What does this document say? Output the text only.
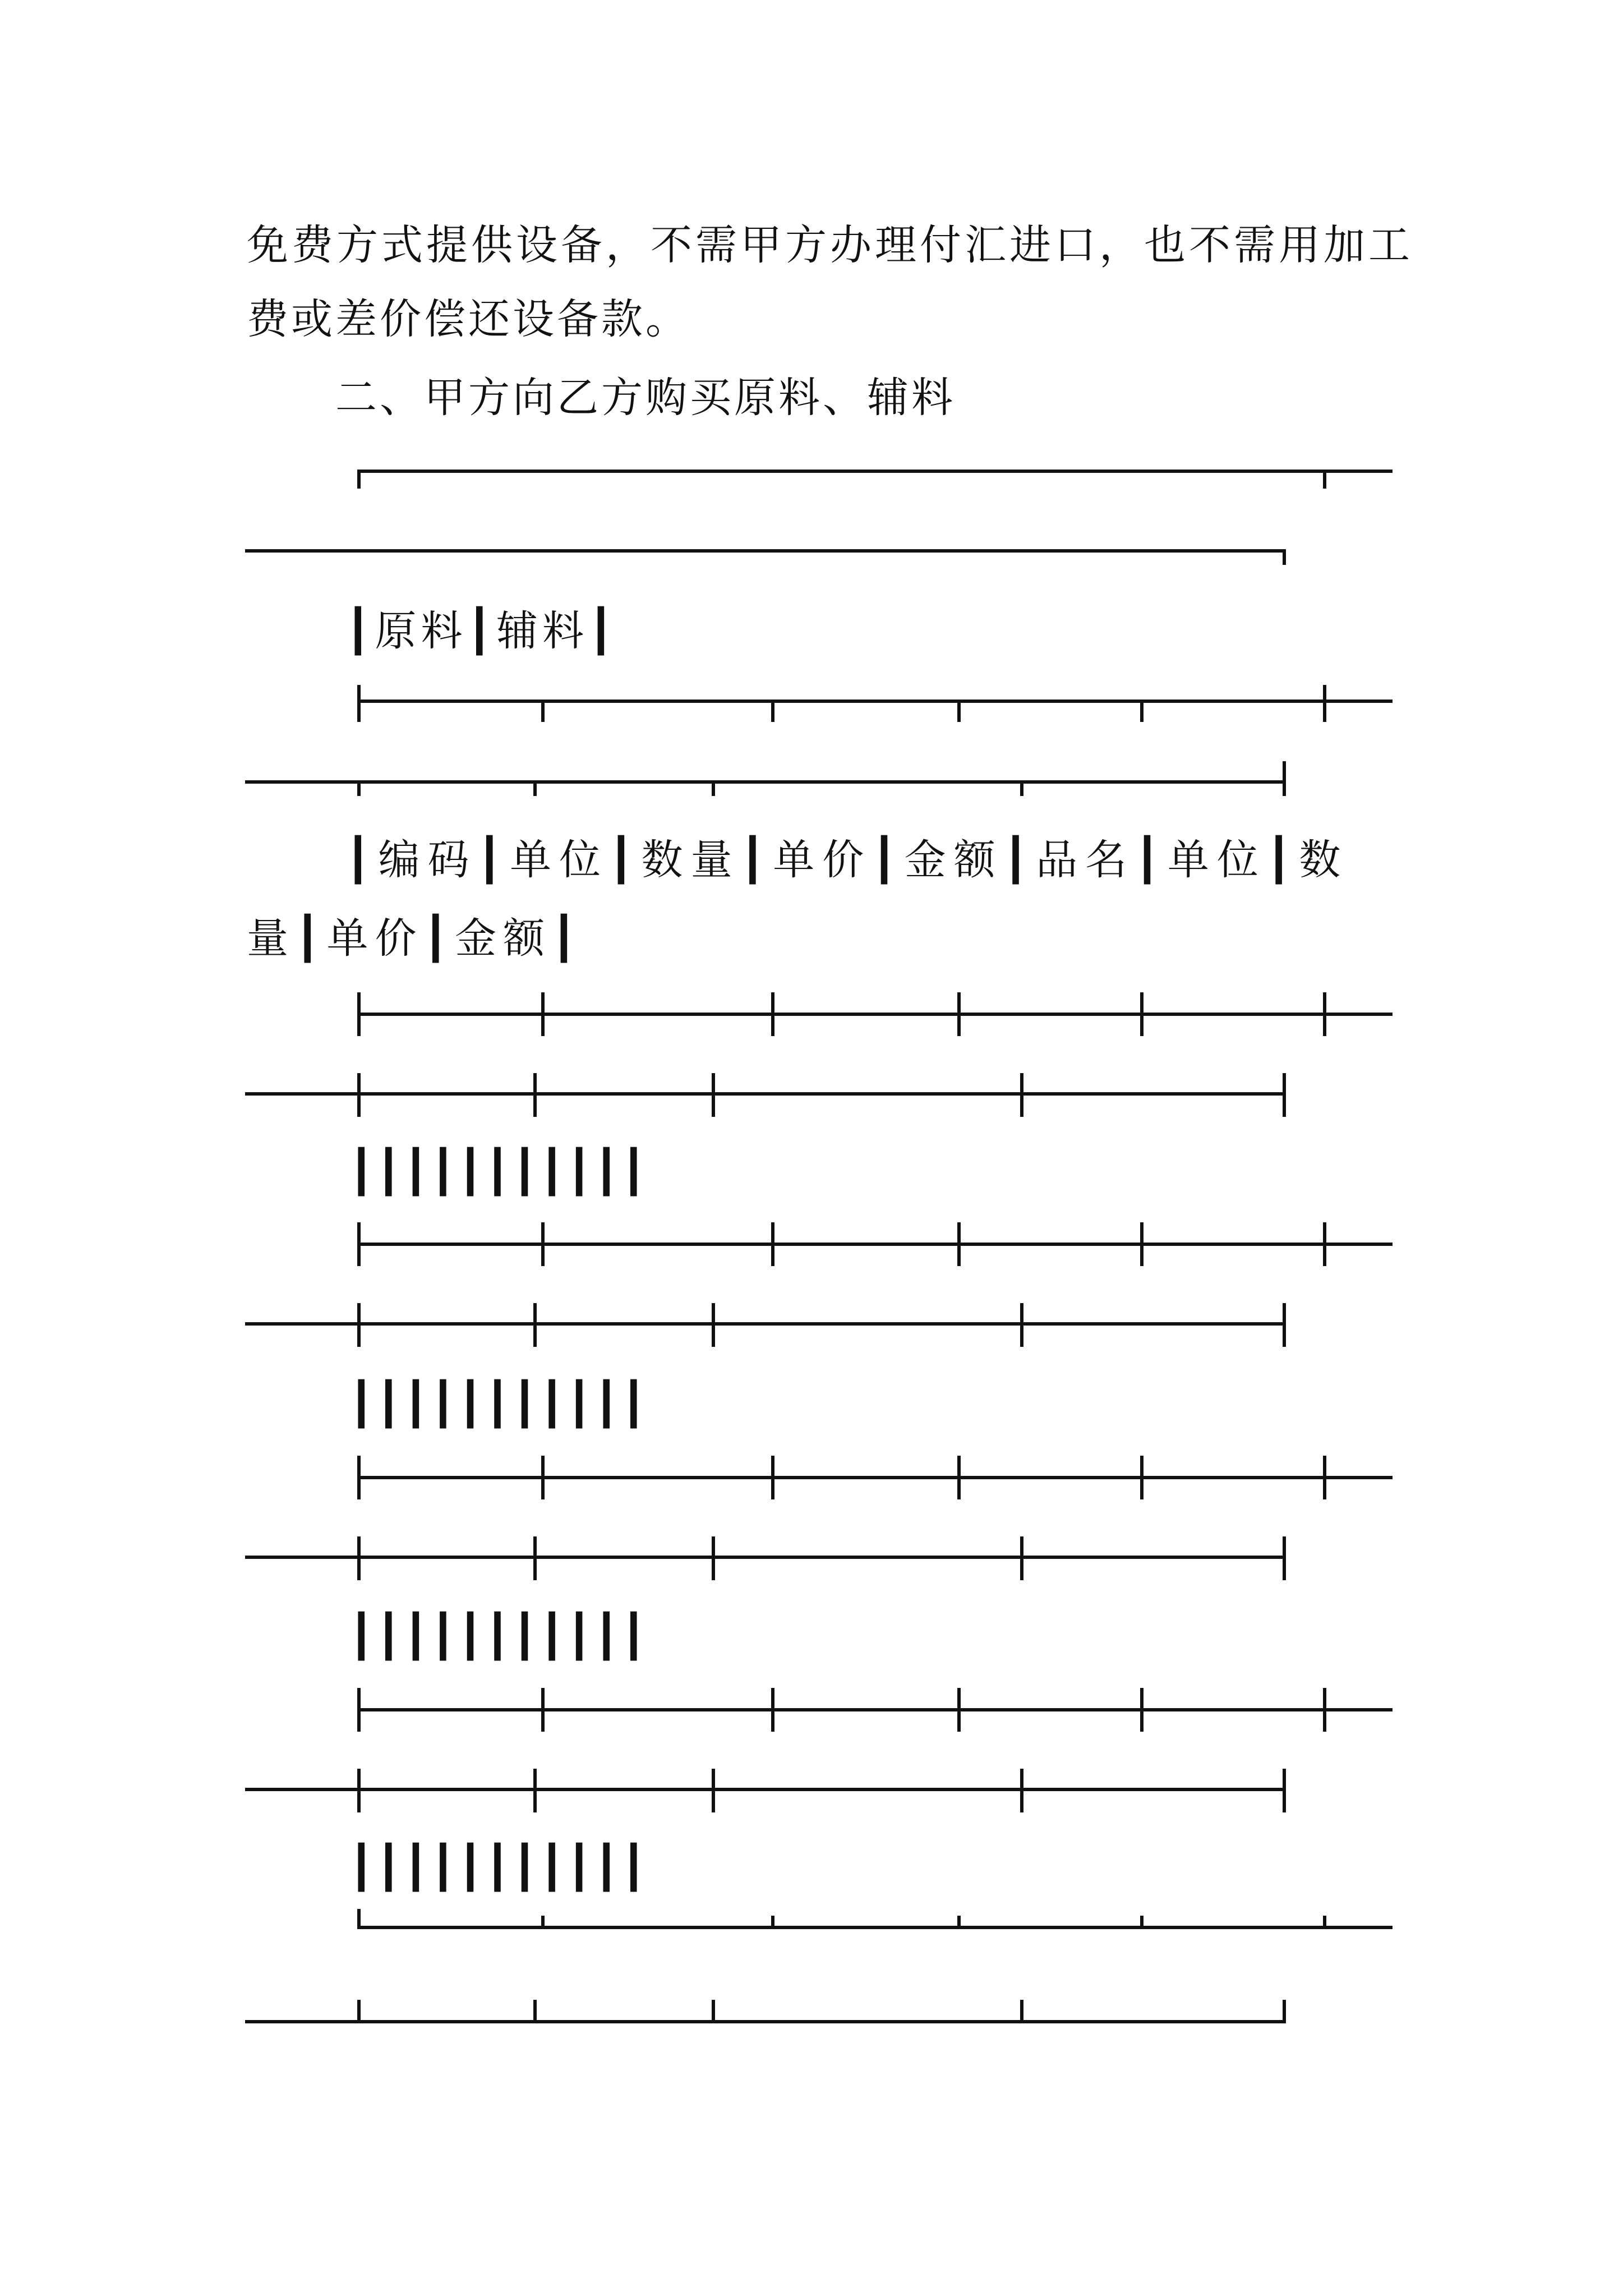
免费方式提供设备，不需甲方办理付汇进口，也不需用加工

费或差价偿还设备款。

二、甲方向乙方购买原料、辅料

┃原料┃辅料┃

┃编码┃单位┃数量┃单价┃金额┃品名┃单位┃数

量┃单价┃金额┃

┃┃┃┃┃┃┃┃┃┃┃

┃┃┃┃┃┃┃┃┃┃┃

┃┃┃┃┃┃┃┃┃┃┃

┃┃┃┃┃┃┃┃┃┃┃
